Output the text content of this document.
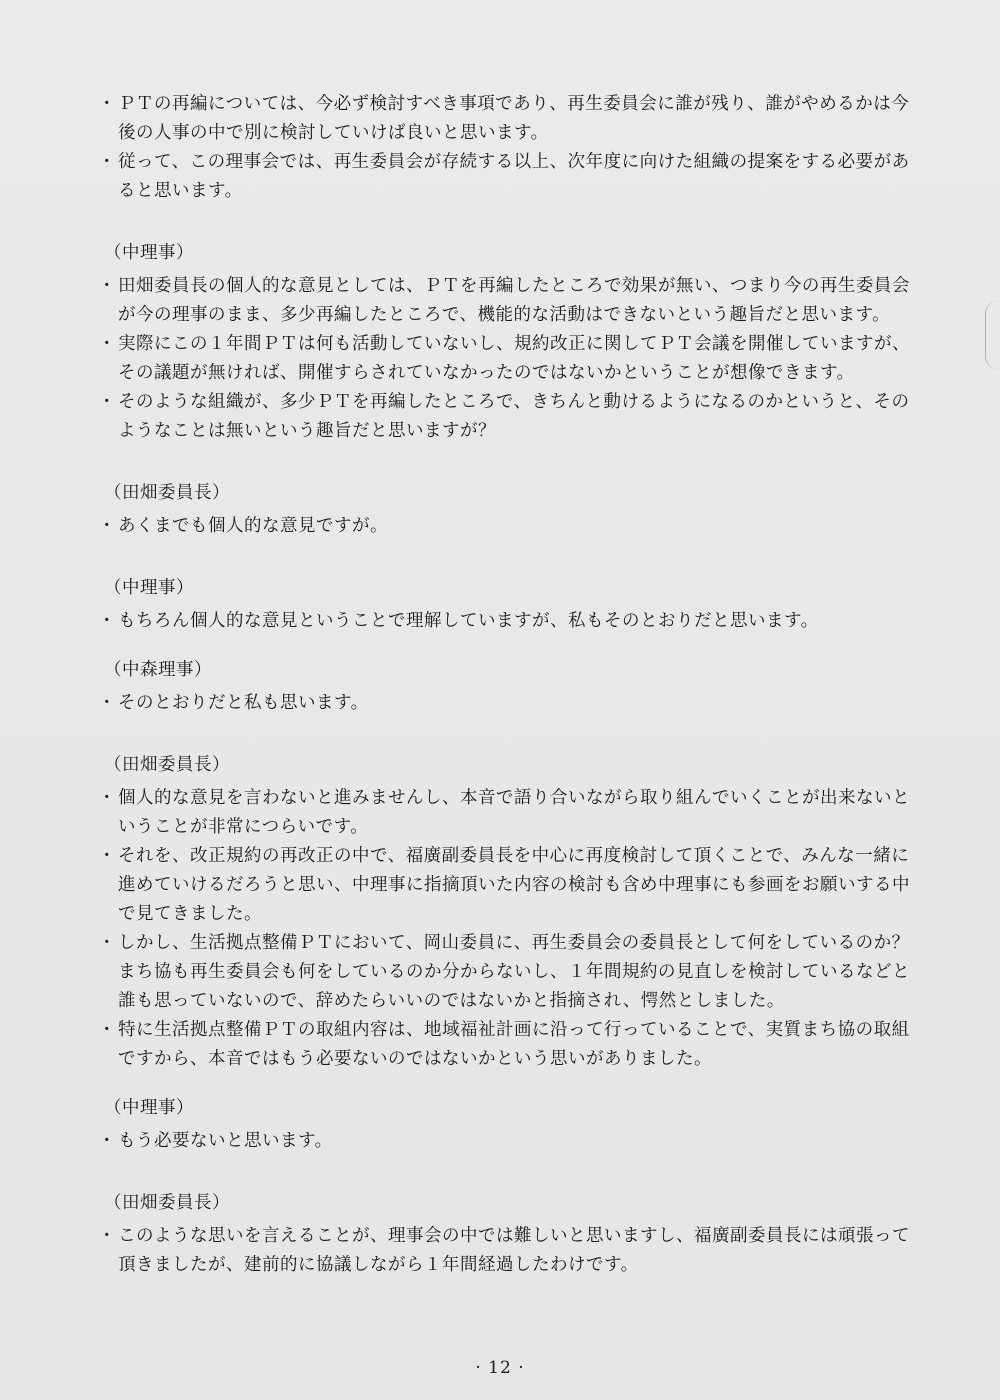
・ ＰＴの再編については、今必ず検討すべき事項であり、再生委員会に誰が残り、誰がやめるかは今後の人事の中で別に検討していけば良いと思います。

・ 従って、この理事会では、再生委員会が存続する以上、次年度に向けた組織の提案をする必要があると思います。

（中理事）

・ 田畑委員長の個人的な意見としては、ＰＴを再編したところで効果が無い、つまり今の再生委員会が今の理事のまま、多少再編したところで、機能的な活動はできないという趣旨だと思います。

・ 実際にこの１年間ＰＴは何も活動していないし、規約改正に関してＰＴ会議を開催していますが、その議題が無ければ、開催すらされていなかったのではないかということが想像できます。

・ そのような組織が、多少ＰＴを再編したところで、きちんと動けるようになるのかというと、そのようなことは無いという趣旨だと思いますが？

（田畑委員長）

・ あくまでも個人的な意見ですが。

（中理事）

・ もちろん個人的な意見ということで理解していますが、私もそのとおりだと思います。

（中森理事）

・ そのとおりだと私も思います。

（田畑委員長）

・ 個人的な意見を言わないと進みませんし、本音で語り合いながら取り組んでいくことが出来ないということが非常につらいです。

・ それを、改正規約の再改正の中で、福廣副委員長を中心に再度検討して頂くことで、みんな一緒に進めていけるだろうと思い、中理事に指摘頂いた内容の検討も含め中理事にも参画をお願いする中で見てきました。

・ しかし、生活拠点整備ＰＴにおいて、岡山委員に、再生委員会の委員長として何をしているのか？まち協も再生委員会も何をしているのか分からないし、１年間規約の見直しを検討しているなどと誰も思っていないので、辞めたらいいのではないかと指摘され、愕然としました。

・ 特に生活拠点整備ＰＴの取組内容は、地域福祉計画に沿って行っていることで、実質まち協の取組ですから、本音ではもう必要ないのではないかという思いがありました。

（中理事）

・ もう必要ないと思います。

（田畑委員長）

・ このような思いを言えることが、理事会の中では難しいと思いますし、福廣副委員長には頑張って頂きましたが、建前的に協議しながら１年間経過したわけです。

· 12 ·
